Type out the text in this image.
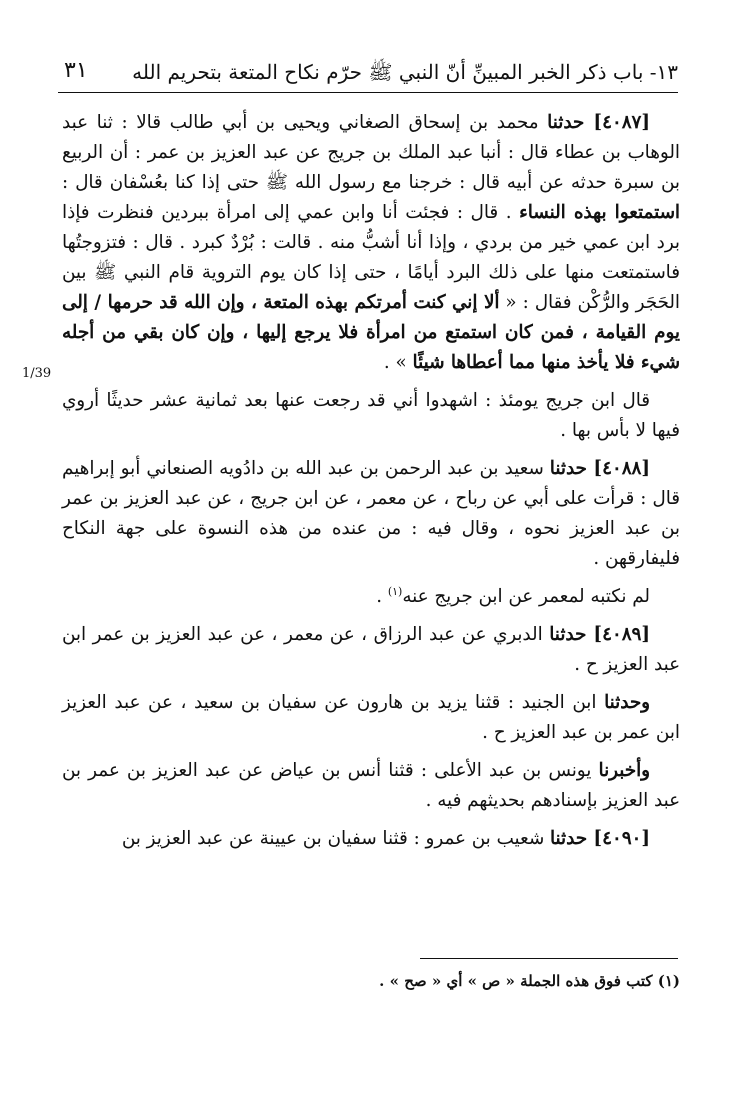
١٣- باب ذكر الخبر المبينِّ أنّ النبي ﷺ حرّم نكاح المتعة بتحريم الله
٣١
1/39

[٤٠٨٧] حدثنا محمد بن إسحاق الصغاني ويحيى بن أبي طالب قالا : ثنا عبد الوهاب بن عطاء قال : أنبا عبد الملك بن جريج عن عبد العزيز بن عمر : أن الربيع بن سبرة حدثه عن أبيه قال : خرجنا مع رسول الله ﷺ حتى إذا كنا بعُسْفان قال : استمتعوا بهذه النساء . قال : فجئت أنا وابن عمي إلى امرأة ببردين فنظرت فإذا برد ابن عمي خير من بردي ، وإذا أنا أشبُّ منه . قالت : بُرْدٌ كبرد . قال : فتزوجتُها فاستمتعت منها على ذلك البرد أيامًا ، حتى إذا كان يوم التروية قام النبي ﷺ بين الحَجَر والرُّكْن فقال : « ألا إني كنت أمرتكم بهذه المتعة ، وإن الله قد حرمها / إلى يوم القيامة ، فمن كان استمتع من امرأة فلا يرجع إليها ، وإن كان بقي من أجله شيء فلا يأخذ منها مما أعطاها شيئًا » .

قال ابن جريج يومئذ : اشهدوا أني قد رجعت عنها بعد ثمانية عشر حديثًا أروي فيها لا بأس بها .

[٤٠٨٨] حدثنا سعيد بن عبد الرحمن بن عبد الله بن دادُويه الصنعاني أبو إبراهيم قال : قرأت على أبي عن رباح ، عن معمر ، عن ابن جريج ، عن عبد العزيز بن عمر بن عبد العزيز نحوه ، وقال فيه : من عنده من هذه النسوة على جهة النكاح فليفارقهن .

لم نكتبه لمعمر عن ابن جريج عنه$^{(١)}$ .

[٤٠٨٩] حدثنا الدبري عن عبد الرزاق ، عن معمر ، عن عبد العزيز بن عمر ابن عبد العزيز ح .

وحدثنا ابن الجنيد : قثنا يزيد بن هارون عن سفيان بن سعيد ، عن عبد العزيز ابن عمر بن عبد العزيز ح .

وأخبرنا يونس بن عبد الأعلى : قثنا أنس بن عياض عن عبد العزيز بن عمر بن عبد العزيز بإسنادهم بحديثهم فيه .

[٤٠٩٠] حدثنا شعيب بن عمرو : قثنا سفيان بن عيينة عن عبد العزيز بن

(١) كتب فوق هذه الجملة « ص » أي « صح » .
